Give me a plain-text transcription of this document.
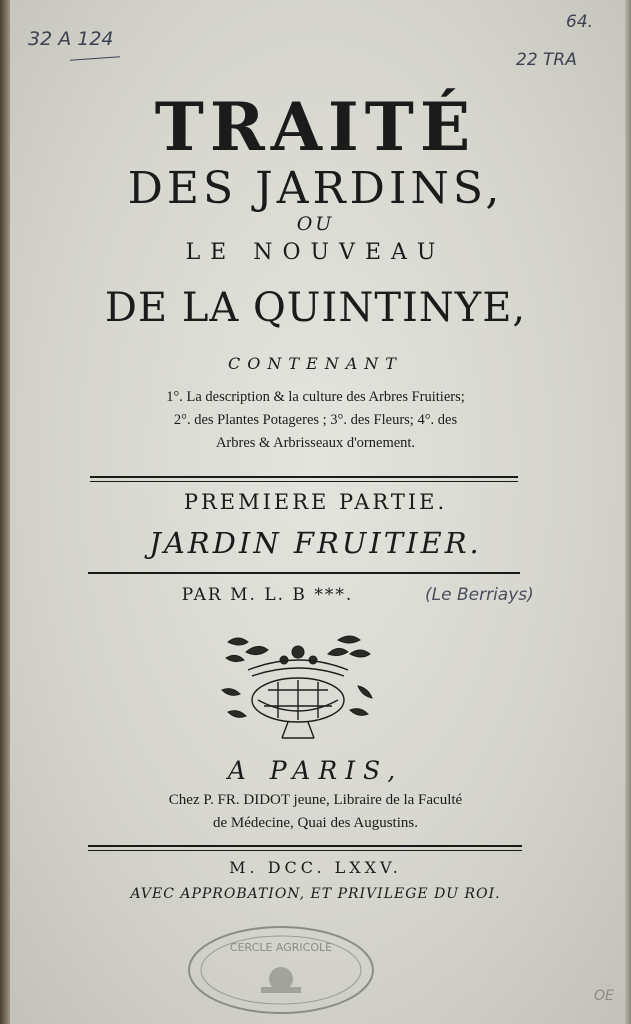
32 A 124
64.
22 TRA
(Le Berriays)
OE
TRAITÉ
DES JARDINS,
OU
LE NOUVEAU
DE LA QUINTINYE,
CONTENANT
1°. La description & la culture des Arbres Fruitiers;
2°. des Plantes Potageres ; 3°. des Fleurs; 4°. des
Arbres & Arbrisseaux d'ornement.
PREMIERE PARTIE.
JARDIN FRUITIER.
PAR M. L. B ***.
A PARIS,
Chez P. FR. DIDOT jeune, Libraire de la Faculté
de Médecine, Quai des Augustins.
M. DCC. LXXV.
AVEC APPROBATION, ET PRIVILEGE DU ROI.
CERCLE AGRICOLE
